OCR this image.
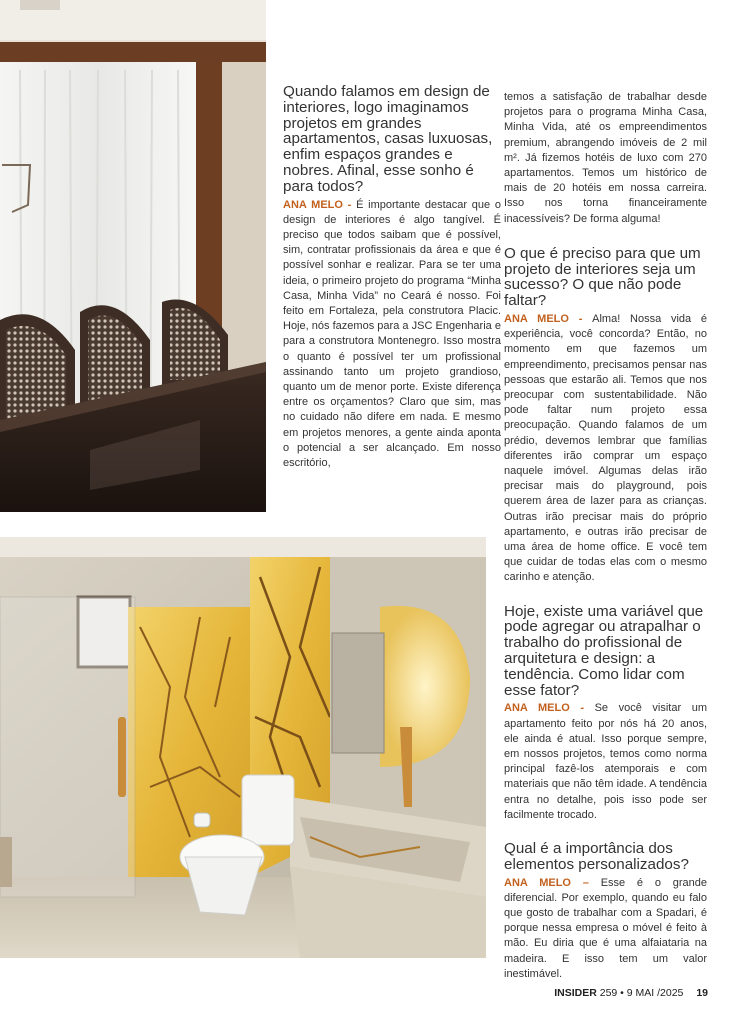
Quando falamos em design de interiores, logo imaginamos projetos em grandes apartamentos, casas luxuosas, enfim espaços grandes e nobres. Afinal, esse sonho é para todos?

ANA MELO - É importante destacar que o design de interiores é algo tangível. É preciso que todos saibam que é possível, sim, contratar profissionais da área e que é possível sonhar e realizar. Para se ter uma ideia, o primeiro projeto do programa “Minha Casa, Minha Vida” no Ceará é nosso. Foi feito em Fortaleza, pela construtora Placic. Hoje, nós fazemos para a JSC Engenharia e para a construtora Montenegro. Isso mostra o quanto é possível ter um profissional assinando tanto um projeto grandioso, quanto um de menor porte. Existe diferença entre os orçamentos? Claro que sim, mas no cuidado não difere em nada. E mesmo em projetos menores, a gente ainda aponta o potencial a ser alcançado. Em nosso escritório,

temos a satisfação de trabalhar desde projetos para o programa Minha Casa, Minha Vida, até os empreendimentos premium, abrangendo imóveis de 2 mil m². Já fizemos hotéis de luxo com 270 apartamentos. Temos um histórico de mais de 20 hotéis em nossa carreira. Isso nos torna financeiramente inacessíveis? De forma alguma!

O que é preciso para que um projeto de interiores seja um sucesso? O que não pode faltar?

ANA MELO - Alma! Nossa vida é experiência, você concorda? Então, no momento em que fazemos um empreendimento, precisamos pensar nas pessoas que estarão ali. Temos que nos preocupar com sustentabilidade. Não pode faltar num projeto essa preocupação. Quando falamos de um prédio, devemos lembrar que famílias diferentes irão comprar um espaço naquele imóvel. Algumas delas irão precisar mais do playground, pois querem área de lazer para as crianças. Outras irão precisar mais do próprio apartamento, e outras irão precisar de uma área de home office. E você tem que cuidar de todas elas com o mesmo carinho e atenção.

Hoje, existe uma variável que pode agregar ou atrapalhar o trabalho do profissional de arquitetura e design: a tendência. Como lidar com esse fator?

ANA MELO - Se você visitar um apartamento feito por nós há 20 anos, ele ainda é atual. Isso porque sempre, em nossos projetos, temos como norma principal fazê-los atemporais e com materiais que não têm idade. A tendência entra no detalhe, pois isso pode ser facilmente trocado.

Qual é a importância dos elementos personalizados?

ANA MELO – Esse é o grande diferencial. Por exemplo, quando eu falo que gosto de trabalhar com a Spadari, é porque nessa empresa o móvel é feito à mão. Eu diria que é uma alfaiataria na madeira. E isso tem um valor inestimável.

INSIDER 259 • 9 MAI /2025 19
